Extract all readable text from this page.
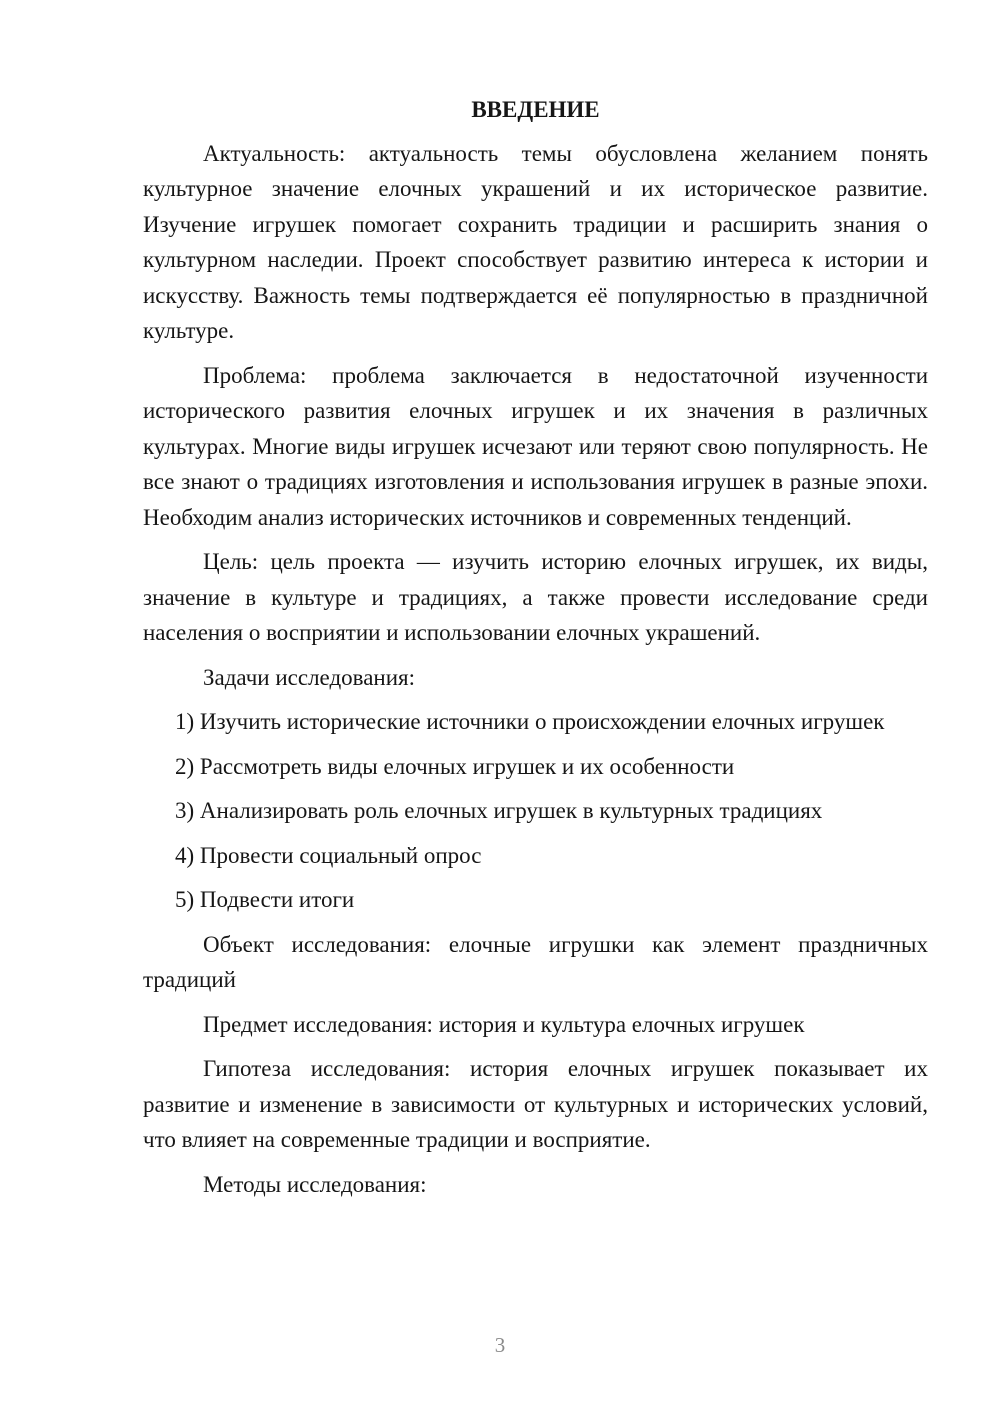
ВВЕДЕНИЕ

Актуальность: актуальность темы обусловлена желанием понять культурное значение елочных украшений и их историческое развитие. Изучение игрушек помогает сохранить традиции и расширить знания о культурном наследии. Проект способствует развитию интереса к истории и искусству. Важность темы подтверждается её популярностью в праздничной культуре.

Проблема: проблема заключается в недостаточной изученности исторического развития елочных игрушек и их значения в различных культурах. Многие виды игрушек исчезают или теряют свою популярность. Не все знают о традициях изготовления и использования игрушек в разные эпохи. Необходим анализ исторических источников и современных тенденций.

Цель: цель проекта — изучить историю елочных игрушек, их виды, значение в культуре и традициях, а также провести исследование среди населения о восприятии и использовании елочных украшений.

Задачи исследования:

1) Изучить исторические источники о происхождении елочных игрушек

2) Рассмотреть виды елочных игрушек и их особенности

3) Анализировать роль елочных игрушек в культурных традициях

4) Провести социальный опрос

5) Подвести итоги

Объект исследования: елочные игрушки как элемент праздничных традиций

Предмет исследования: история и культура елочных игрушек

Гипотеза исследования: история елочных игрушек показывает их развитие и изменение в зависимости от культурных и исторических условий, что влияет на современные традиции и восприятие.

Методы исследования:

3
